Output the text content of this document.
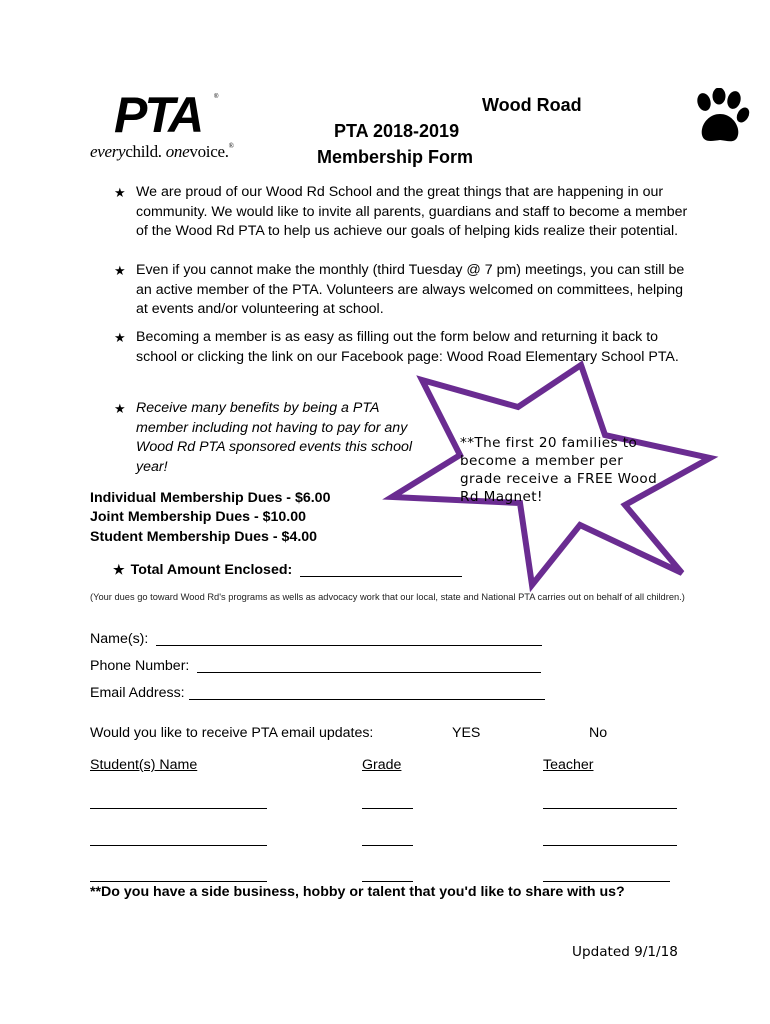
PTA ®
everychild. onevoice.®
Wood Road
PTA 2018-2019
Membership Form
★ We are proud of our Wood Rd School and the great things that are happening in our community. We would like to invite all parents, guardians and staff to become a member of the Wood Rd PTA to help us achieve our goals of helping kids realize their potential.
★ Even if you cannot make the monthly (third Tuesday @ 7 pm) meetings, you can still be an active member of the PTA. Volunteers are always welcomed on committees, helping at events and/or volunteering at school.
★ Becoming a member is as easy as filling out the form below and returning it back to school or clicking the link on our Facebook page: Wood Road Elementary School PTA.
**The first 20 families to become a member per grade receive a FREE Wood Rd Magnet!
★ Receive many benefits by being a PTA member including not having to pay for any Wood Rd PTA sponsored events this school year!
Individual Membership Dues - $6.00
Joint Membership Dues - $10.00
Student Membership Dues - $4.00
★ Total Amount Enclosed:
(Your dues go toward Wood Rd's programs as wells as advocacy work that our local, state and National PTA carries out on behalf of all children.)
Name(s):
Phone Number:
Email Address:
Would you like to receive PTA email updates:	YES	No
Student(s) Name	Grade	Teacher
**Do you have a side business, hobby or talent that you'd like to share with us?
Updated 9/1/18
